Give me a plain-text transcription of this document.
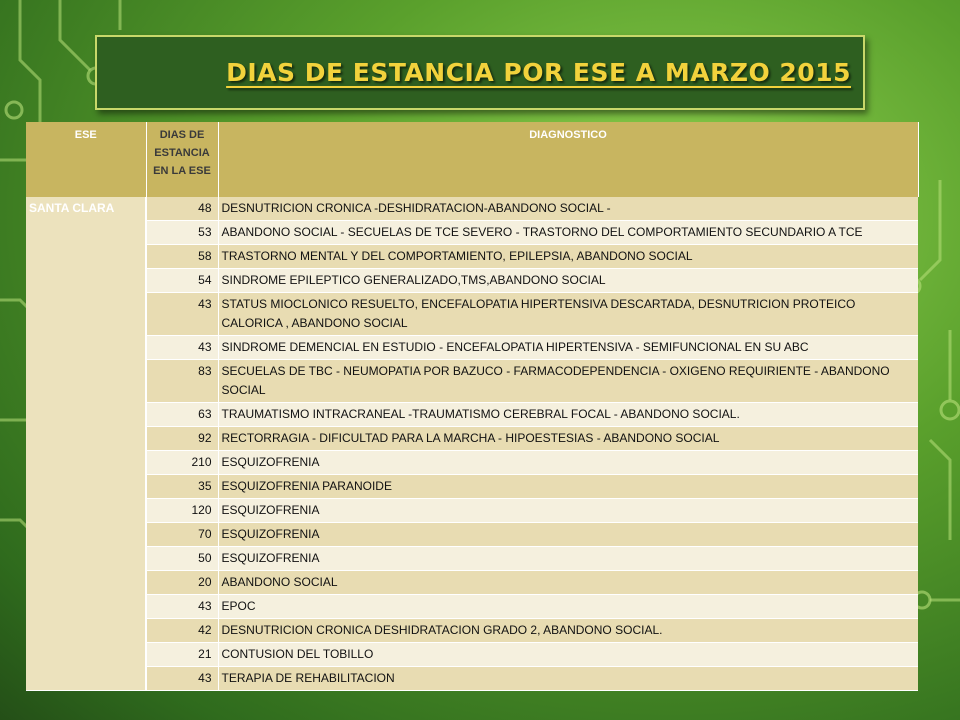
DIAS DE ESTANCIA POR ESE A MARZO 2015
ESE	DIAS DE ESTANCIA EN LA ESE	DIAGNOSTICO
SANTA CLARA	48	DESNUTRICION CRONICA -DESHIDRATACION-ABANDONO SOCIAL -
	53	ABANDONO SOCIAL - SECUELAS DE TCE SEVERO - TRASTORNO DEL COMPORTAMIENTO SECUNDARIO A TCE
	58	TRASTORNO MENTAL Y DEL COMPORTAMIENTO, EPILEPSIA, ABANDONO SOCIAL
	54	SINDROME EPILEPTICO GENERALIZADO,TMS,ABANDONO SOCIAL
	43	STATUS MIOCLONICO RESUELTO, ENCEFALOPATIA HIPERTENSIVA DESCARTADA, DESNUTRICION PROTEICO CALORICA , ABANDONO SOCIAL
	43	SINDROME DEMENCIAL EN ESTUDIO - ENCEFALOPATIA HIPERTENSIVA - SEMIFUNCIONAL EN SU ABC
	83	SECUELAS DE TBC - NEUMOPATIA POR BAZUCO - FARMACODEPENDENCIA - OXIGENO REQUIRIENTE - ABANDONO SOCIAL
	63	TRAUMATISMO INTRACRANEAL -TRAUMATISMO CEREBRAL FOCAL - ABANDONO SOCIAL.
	92	RECTORRAGIA - DIFICULTAD PARA LA MARCHA - HIPOESTESIAS - ABANDONO SOCIAL
	210	ESQUIZOFRENIA
	35	ESQUIZOFRENIA PARANOIDE
	120	ESQUIZOFRENIA
	70	ESQUIZOFRENIA
	50	ESQUIZOFRENIA
	20	ABANDONO SOCIAL
	43	EPOC
	42	DESNUTRICION CRONICA DESHIDRATACION GRADO 2, ABANDONO SOCIAL.
	21	CONTUSION DEL TOBILLO
	43	TERAPIA DE REHABILITACION
